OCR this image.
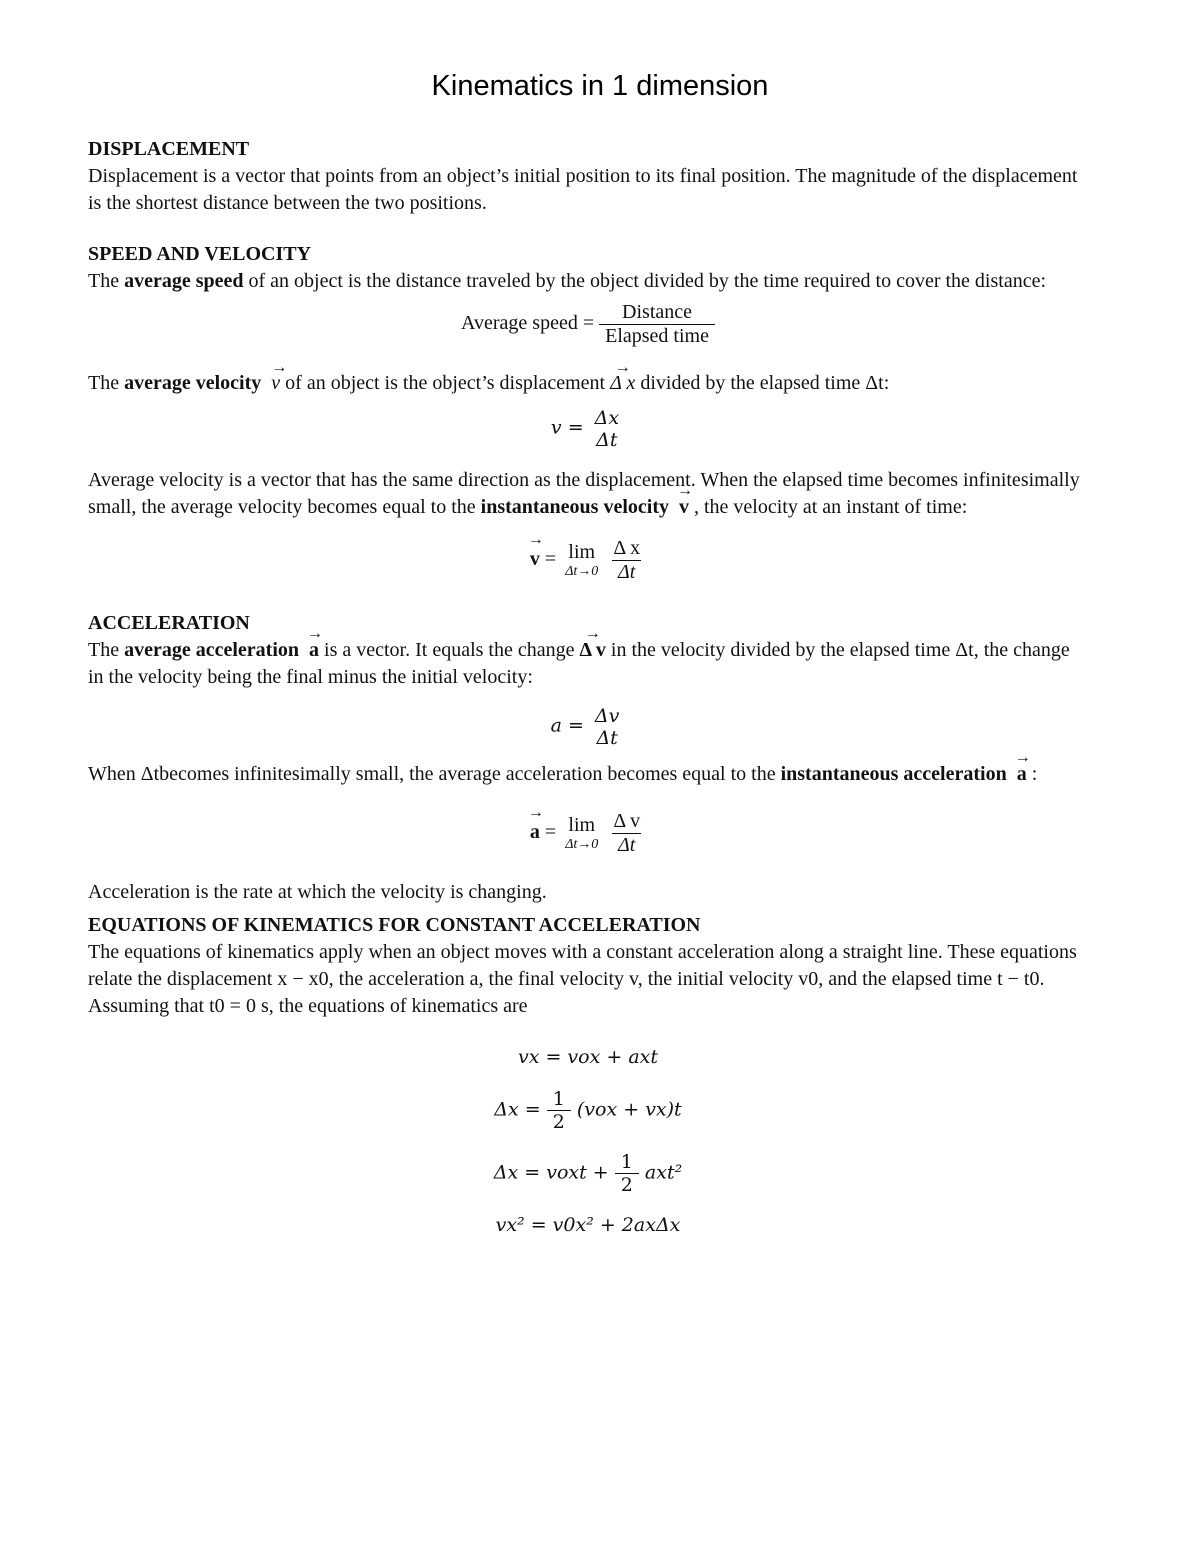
Kinematics in 1 dimension

DISPLACEMENT

Displacement is a vector that points from an object’s initial position to its final position. The magnitude of the displacement is the shortest distance between the two positions.

SPEED AND VELOCITY

The average speed of an object is the distance traveled by the object divided by the time required to cover the distance:

Average speed = $\frac{\text{Distance}}{\text{Elapsed time}}$

The average velocity → v of an object is the object’s displacement → Δ x divided by the elapsed time Δt:

v = Δx
Δt

Average velocity is a vector that has the same direction as the displacement. When the elapsed time becomes infinitesimally small, the average velocity becomes equal to the instantaneous velocity → v , the velocity at an instant of time:

→ v = lim
Δt→0
$\frac{\text{Δ x}}{\Delta t}$

ACCELERATION

The average acceleration → a is a vector. It equals the change → Δ v in the velocity divided by the elapsed time Δt, the change in the velocity being the final minus the initial velocity:

a = Δv
Δt

When Δtbecomes infinitesimally small, the average acceleration becomes equal to the instantaneous acceleration → a :

→ a = lim
Δt→0
$\frac{\text{Δ v}}{\Delta t}$

Acceleration is the rate at which the velocity is changing.

EQUATIONS OF KINEMATICS FOR CONSTANT ACCELERATION

The equations of kinematics apply when an object moves with a constant acceleration along a straight line. These equations relate the displacement x − x0, the acceleration a, the final velocity v, the initial velocity v0, and the elapsed time t − t0. Assuming that t0 = 0 s, the equations of kinematics are

vx = vox + axt
$\Delta x = \frac{1}{2} (vox + vx)t$
Δx = voxt + $\frac{1}{2} axt^2$
vx² = v0x² + 2axΔx
